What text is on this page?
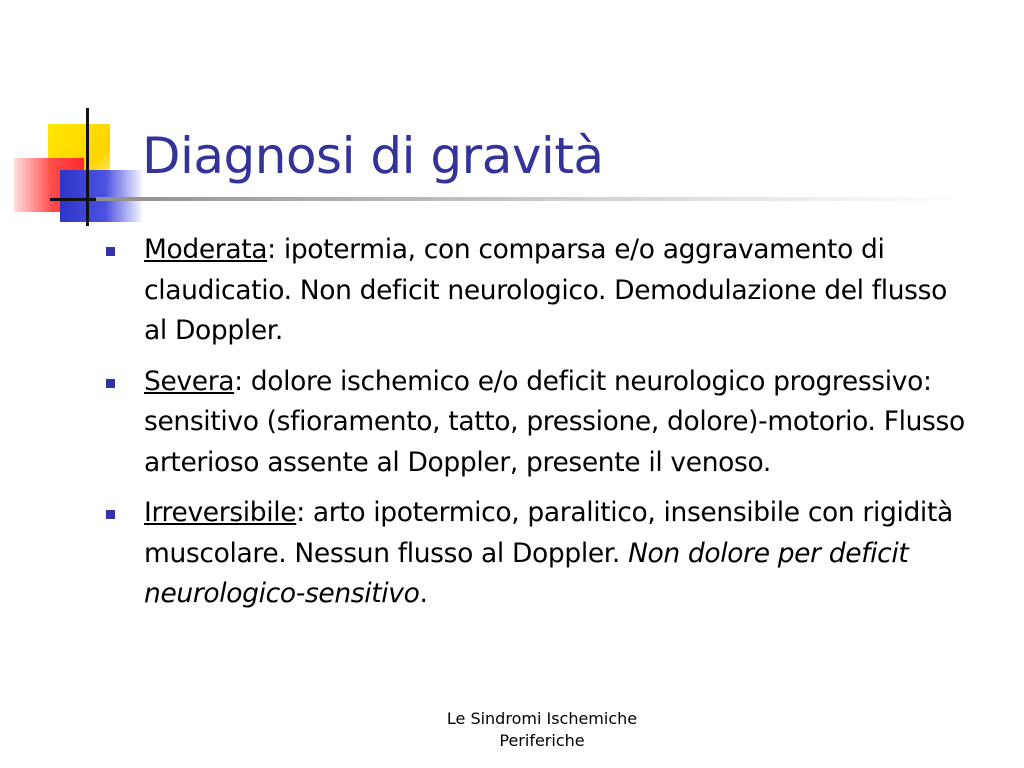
Diagnosi di gravità
Moderata: ipotermia, con comparsa e/o aggravamento di claudicatio. Non deficit neurologico. Demodulazione del flusso al Doppler.
Severa: dolore ischemico e/o deficit neurologico progressivo: sensitivo (sfioramento, tatto, pressione, dolore)-motorio. Flusso arterioso assente al Doppler, presente il venoso.
Irreversibile: arto ipotermico, paralitico, insensibile con rigidità muscolare. Nessun flusso al Doppler. Non dolore per deficit neurologico-sensitivo.
Le Sindromi Ischemiche
Periferiche
